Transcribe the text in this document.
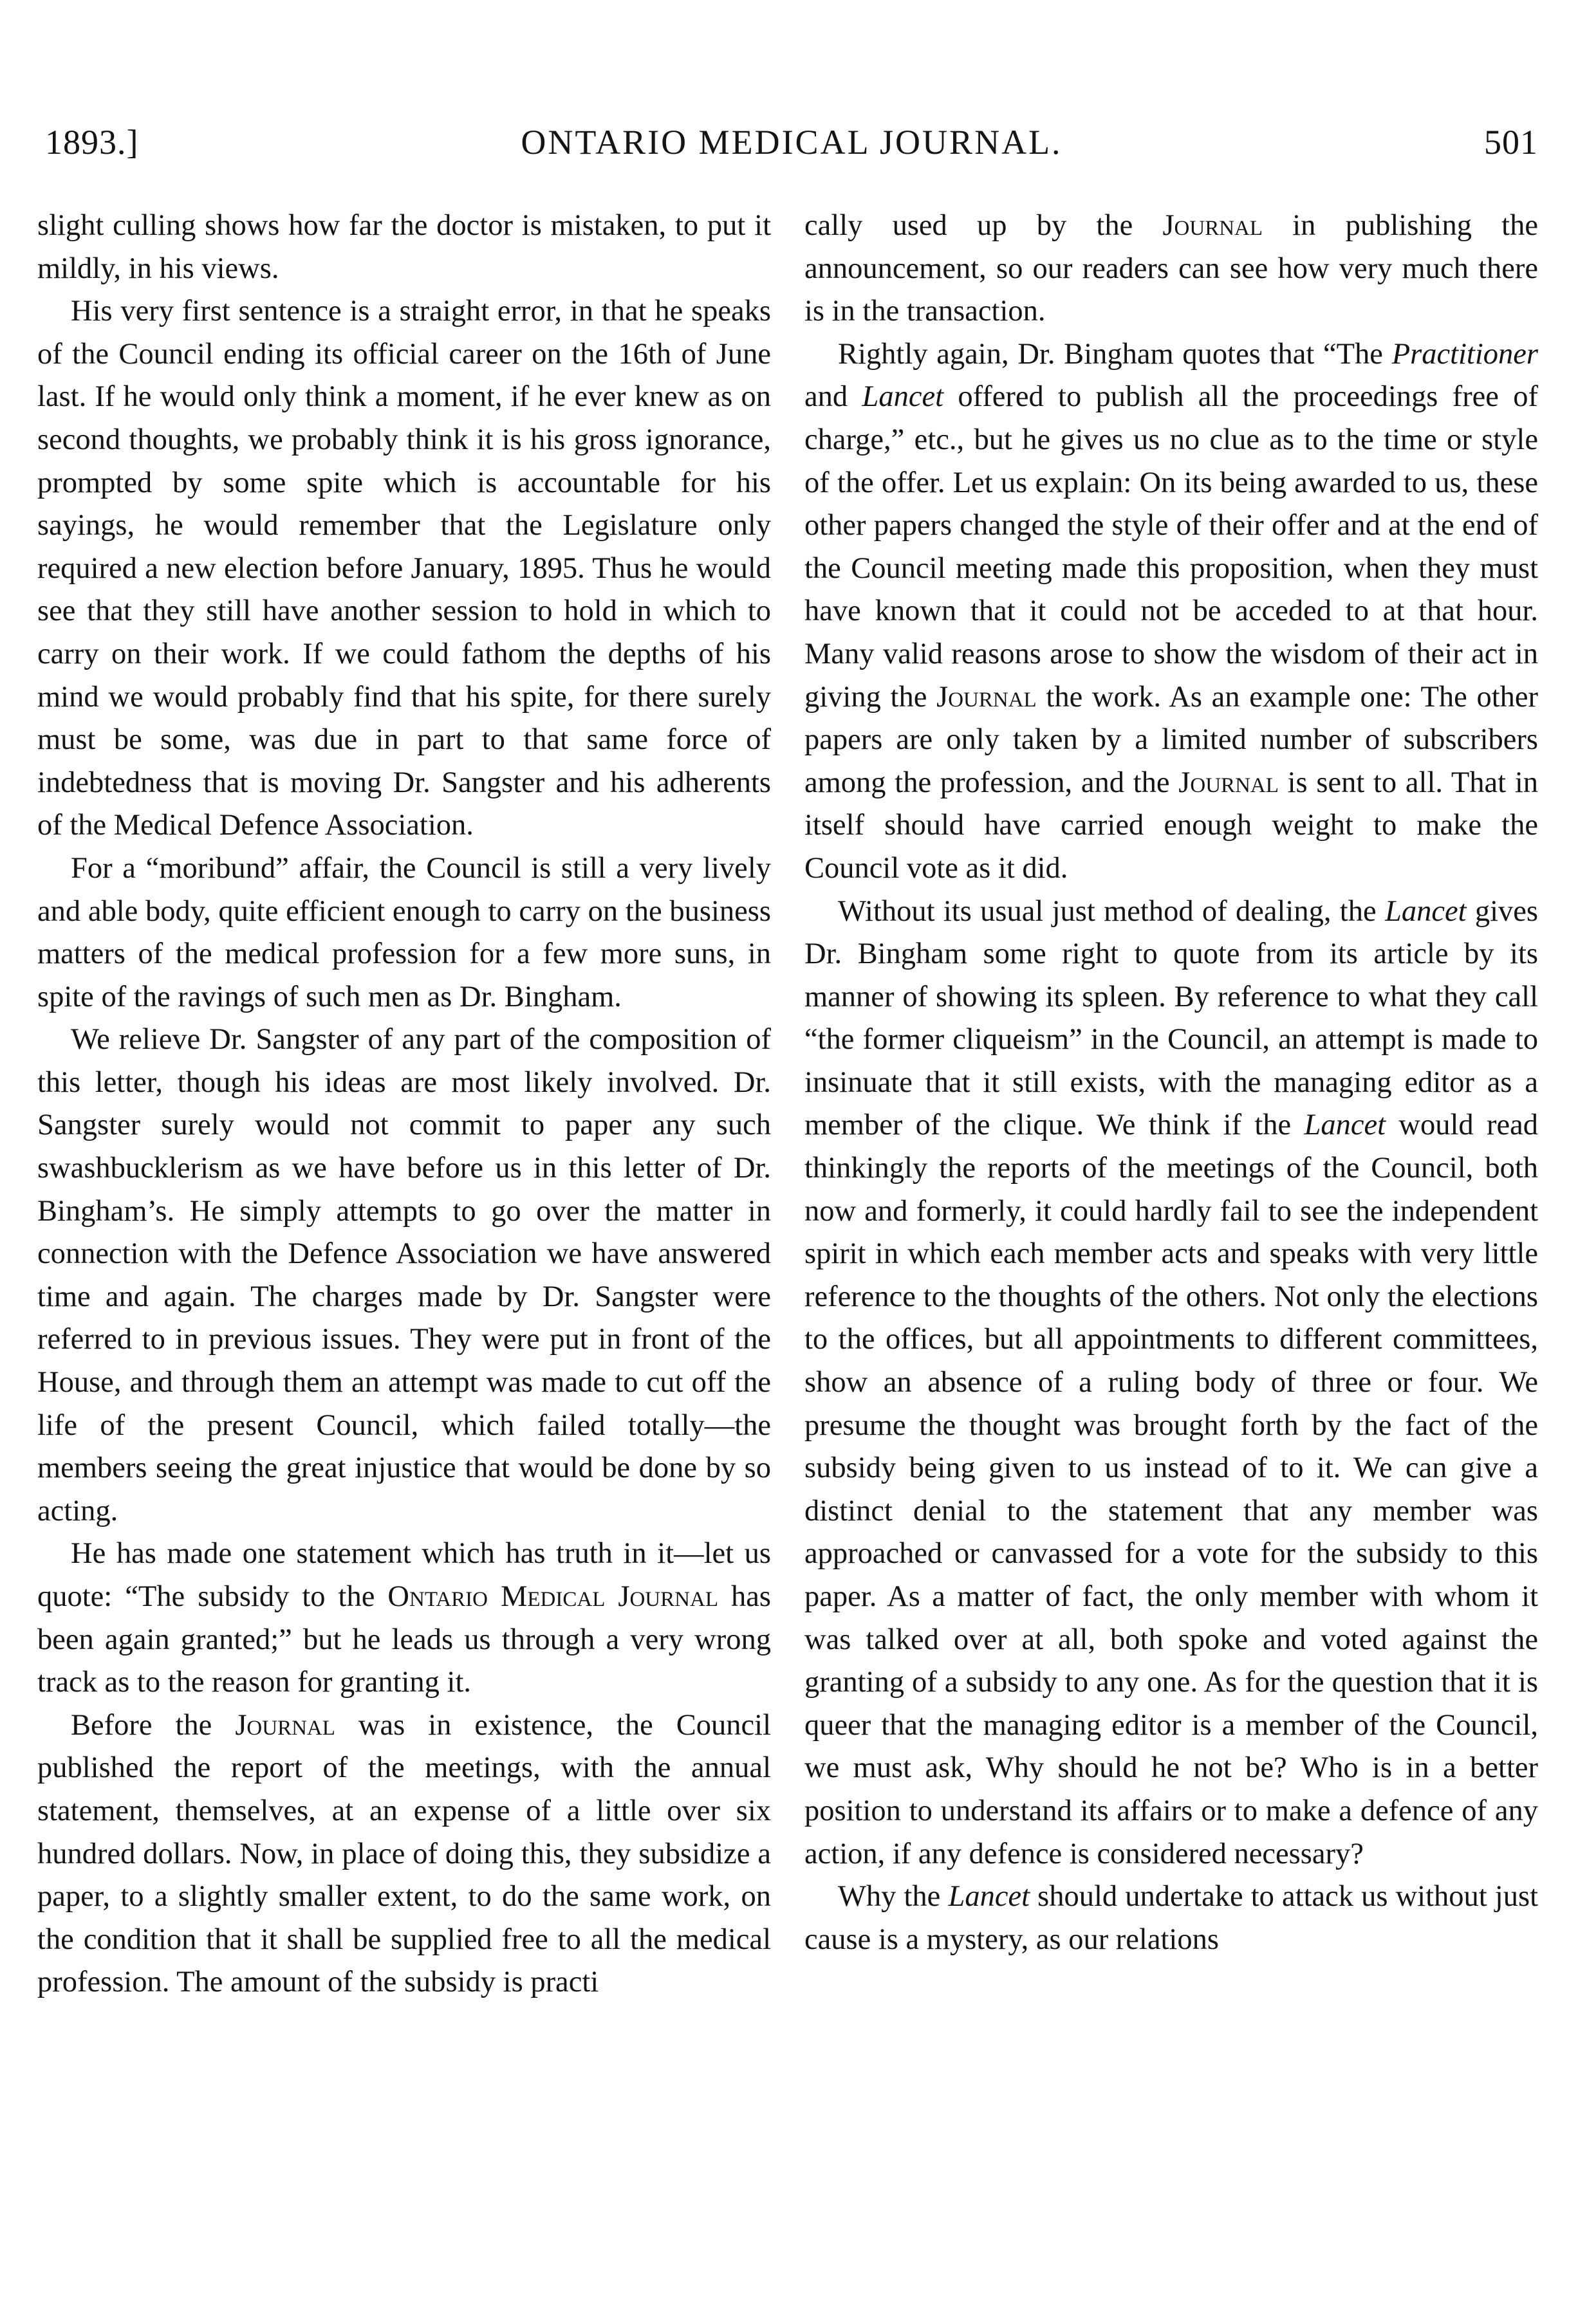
1893.]	ONTARIO MEDICAL JOURNAL.	501

slight culling shows how far the doctor is mistaken, to put it mildly, in his views.

His very first sentence is a straight error, in that he speaks of the Council ending its official career on the 16th of June last. If he would only think a moment, if he ever knew as on second thoughts, we probably think it is his gross ignorance, prompted by some spite which is accountable for his sayings, he would remember that the Legislature only required a new election before January, 1895. Thus he would see that they still have another session to hold in which to carry on their work. If we could fathom the depths of his mind we would probably find that his spite, for there surely must be some, was due in part to that same force of indebtedness that is moving Dr. Sangster and his adherents of the Medical Defence Association.

For a “moribund” affair, the Council is still a very lively and able body, quite efficient enough to carry on the business matters of the medical profession for a few more suns, in spite of the ravings of such men as Dr. Bingham.

We relieve Dr. Sangster of any part of the composition of this letter, though his ideas are most likely involved. Dr. Sangster surely would not commit to paper any such swashbucklerism as we have before us in this letter of Dr. Bingham’s. He simply attempts to go over the matter in connection with the Defence Association we have answered time and again. The charges made by Dr. Sangster were referred to in previous issues. They were put in front of the House, and through them an attempt was made to cut off the life of the present Council, which failed totally—the members seeing the great injustice that would be done by so acting.

He has made one statement which has truth in it—let us quote: “The subsidy to the Ontario Medical Journal has been again granted;” but he leads us through a very wrong track as to the reason for granting it.

Before the Journal was in existence, the Council published the report of the meetings, with the annual statement, themselves, at an expense of a little over six hundred dollars. Now, in place of doing this, they subsidize a paper, to a slightly smaller extent, to do the same work, on the condition that it shall be supplied free to all the medical profession. The amount of the subsidy is practi

cally used up by the Journal in publishing the announcement, so our readers can see how very much there is in the transaction.

Rightly again, Dr. Bingham quotes that “The Practitioner and Lancet offered to publish all the proceedings free of charge,” etc., but he gives us no clue as to the time or style of the offer. Let us explain: On its being awarded to us, these other papers changed the style of their offer and at the end of the Council meeting made this proposition, when they must have known that it could not be acceded to at that hour. Many valid reasons arose to show the wisdom of their act in giving the Journal the work. As an example one: The other papers are only taken by a limited number of subscribers among the profession, and the Journal is sent to all. That in itself should have carried enough weight to make the Council vote as it did.

Without its usual just method of dealing, the Lancet gives Dr. Bingham some right to quote from its article by its manner of showing its spleen. By reference to what they call “the former cliqueism” in the Council, an attempt is made to insinuate that it still exists, with the managing editor as a member of the clique. We think if the Lancet would read thinkingly the reports of the meetings of the Council, both now and formerly, it could hardly fail to see the independent spirit in which each member acts and speaks with very little reference to the thoughts of the others. Not only the elections to the offices, but all appointments to different committees, show an absence of a ruling body of three or four. We presume the thought was brought forth by the fact of the subsidy being given to us instead of to it. We can give a distinct denial to the statement that any member was approached or canvassed for a vote for the subsidy to this paper. As a matter of fact, the only member with whom it was talked over at all, both spoke and voted against the granting of a subsidy to any one. As for the question that it is queer that the managing editor is a member of the Council, we must ask, Why should he not be? Who is in a better position to understand its affairs or to make a defence of any action, if any defence is considered necessary?

Why the Lancet should undertake to attack us without just cause is a mystery, as our relations
